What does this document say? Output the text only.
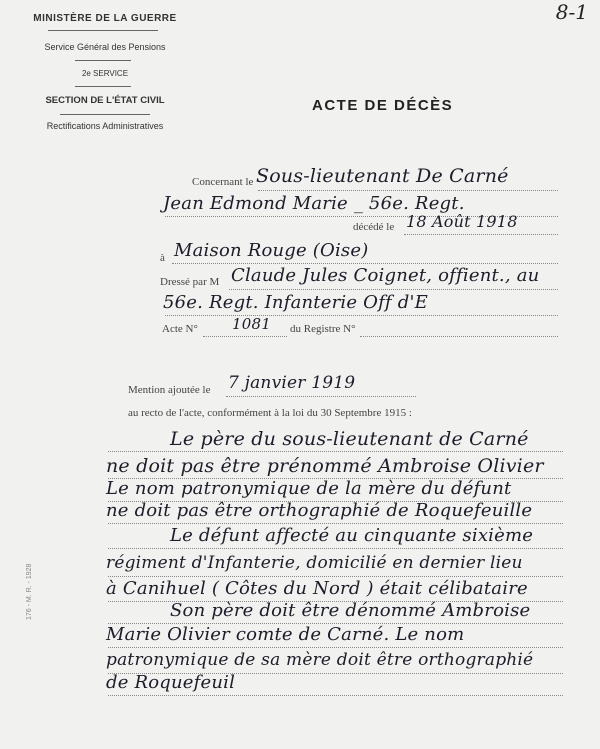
8-1
MINISTÈRE DE LA GUERRE
Service Général des Pensions
2e SERVICE
SECTION DE L'ÉTAT CIVIL
Rectifications Administratives
ACTE DE DÉCÈS
Concernant le Sous-lieutenant De Carné
Jean Edmond Marie _ 56e. Regt.
décédé le 18 Août 1918
à Maison Rouge (Oise)
Dressé par M Claude Jules Coignet, offient., au
56e. Regt. Infanterie Off d'E
Acte N° 1081 du Registre N°
Mention ajoutée le 7 janvier 1919
au recto de l'acte, conformément à la loi du 30 Septembre 1915 :
Le père du sous-lieutenant de Carné
ne doit pas être prénommé Ambroise Olivier
Le nom patronymique de la mère du défunt
ne doit pas être orthographié de Roquefeuille
Le défunt affecté au cinquante sixième
régiment d'Infanterie, domicilié en dernier lieu
à Canihuel ( Côtes du Nord ) était célibataire
Son père doit être dénommé Ambroise
Marie Olivier comte de Carné. Le nom
patronymique de sa mère doit être orthographié
de Roquefeuil
176 - M. R. - 1928
